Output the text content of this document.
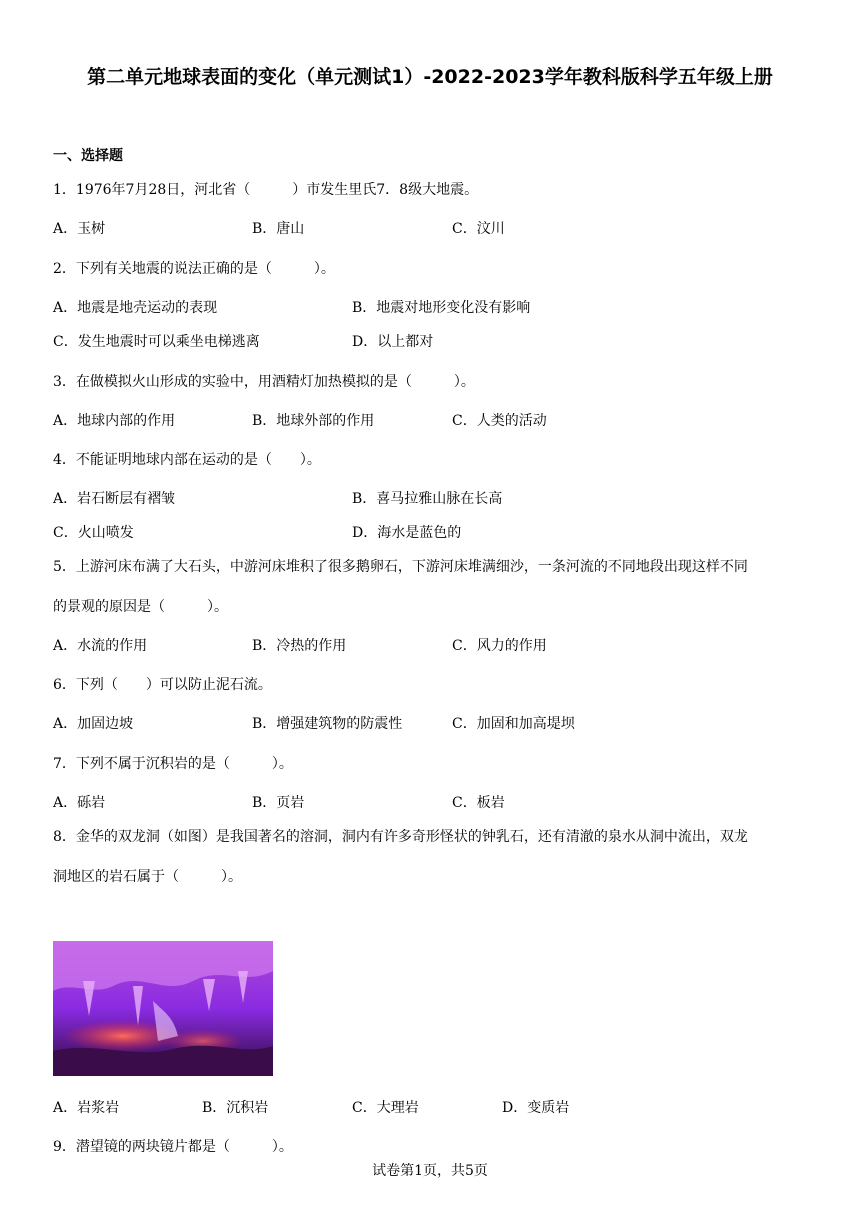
第二单元地球表面的变化（单元测试1）-2022-2023学年教科版科学五年级上册
一、选择题
1．1976年7月28日，河北省（　　　）市发生里氏7．8级大地震。
A．玉树	B．唐山	C．汶川
2．下列有关地震的说法正确的是（　　　）。
A．地震是地壳运动的表现	B．地震对地形变化没有影响
C．发生地震时可以乘坐电梯逃离	D．以上都对
3．在做模拟火山形成的实验中，用酒精灯加热模拟的是（　　　）。
A．地球内部的作用	B．地球外部的作用	C．人类的活动
4．不能证明地球内部在运动的是（　　）。
A．岩石断层有褶皱	B．喜马拉雅山脉在长高
C．火山喷发	D．海水是蓝色的
5．上游河床布满了大石头，中游河床堆积了很多鹅卵石，下游河床堆满细沙，一条河流的不同地段出现这样不同
的景观的原因是（　　　）。
A．水流的作用	B．冷热的作用	C．风力的作用
6．下列（　　）可以防止泥石流。
A．加固边坡	B．增强建筑物的防震性	C．加固和加高堤坝
7．下列不属于沉积岩的是（　　　）。
A．砾岩	B．页岩	C．板岩
8．金华的双龙洞（如图）是我国著名的溶洞，洞内有许多奇形怪状的钟乳石，还有清澈的泉水从洞中流出，双龙
洞地区的岩石属于（　　　）。
A．岩浆岩	B．沉积岩	C．大理岩	D．变质岩
9．潜望镜的两块镜片都是（　　　）。
试卷第1页，共5页
